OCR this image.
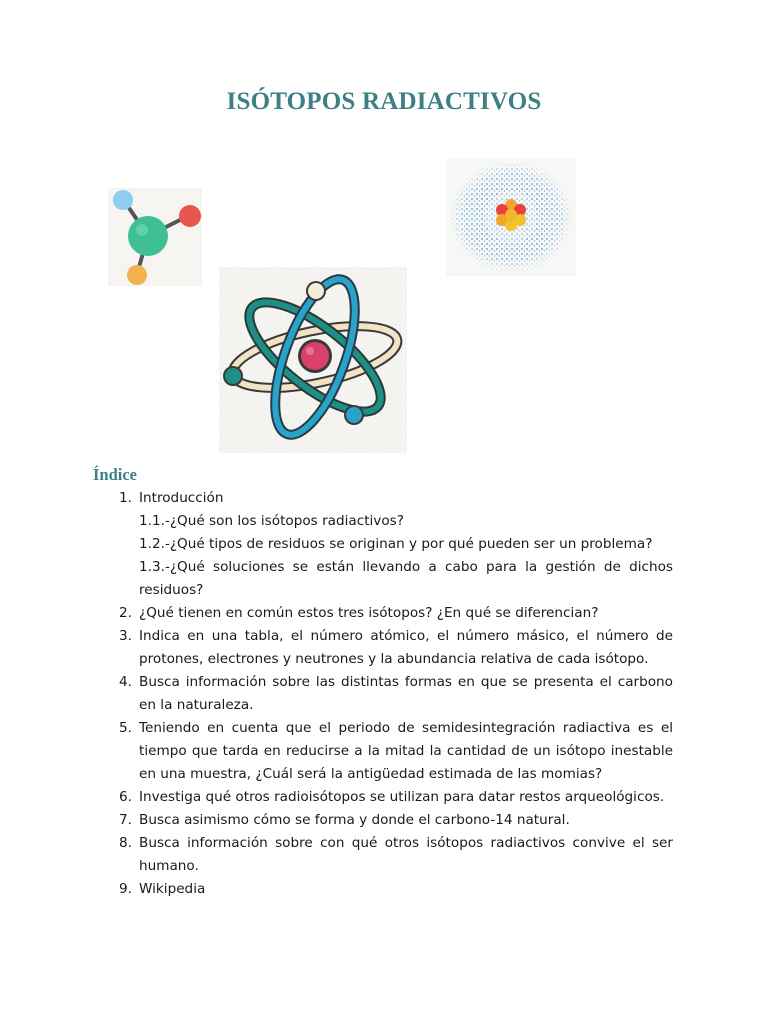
ISÓTOPOS RADIACTIVOS
Índice
1. Introducción
1.1.-¿Qué son los isótopos radiactivos?
1.2.-¿Qué tipos de residuos se originan y por qué pueden ser un problema?
1.3.-¿Qué soluciones se están llevando a cabo para la gestión de dichos residuos?
2. ¿Qué tienen en común estos tres isótopos? ¿En qué se diferencian?
3. Indica en una tabla, el número atómico, el número másico, el número de protones, electrones y neutrones y la abundancia relativa de cada isótopo.
4. Busca información sobre las distintas formas en que se presenta el carbono en la naturaleza.
5. Teniendo en cuenta que el periodo de semidesintegración radiactiva es el tiempo que tarda en reducirse a la mitad la cantidad de un isótopo inestable en una muestra, ¿Cuál será la antigüedad estimada de las momias?
6. Investiga qué otros radioisótopos se utilizan para datar restos arqueológicos.
7. Busca asimismo cómo se forma y donde el carbono-14 natural.
8. Busca información sobre con qué otros isótopos radiactivos convive el ser humano.
9. Wikipedia
